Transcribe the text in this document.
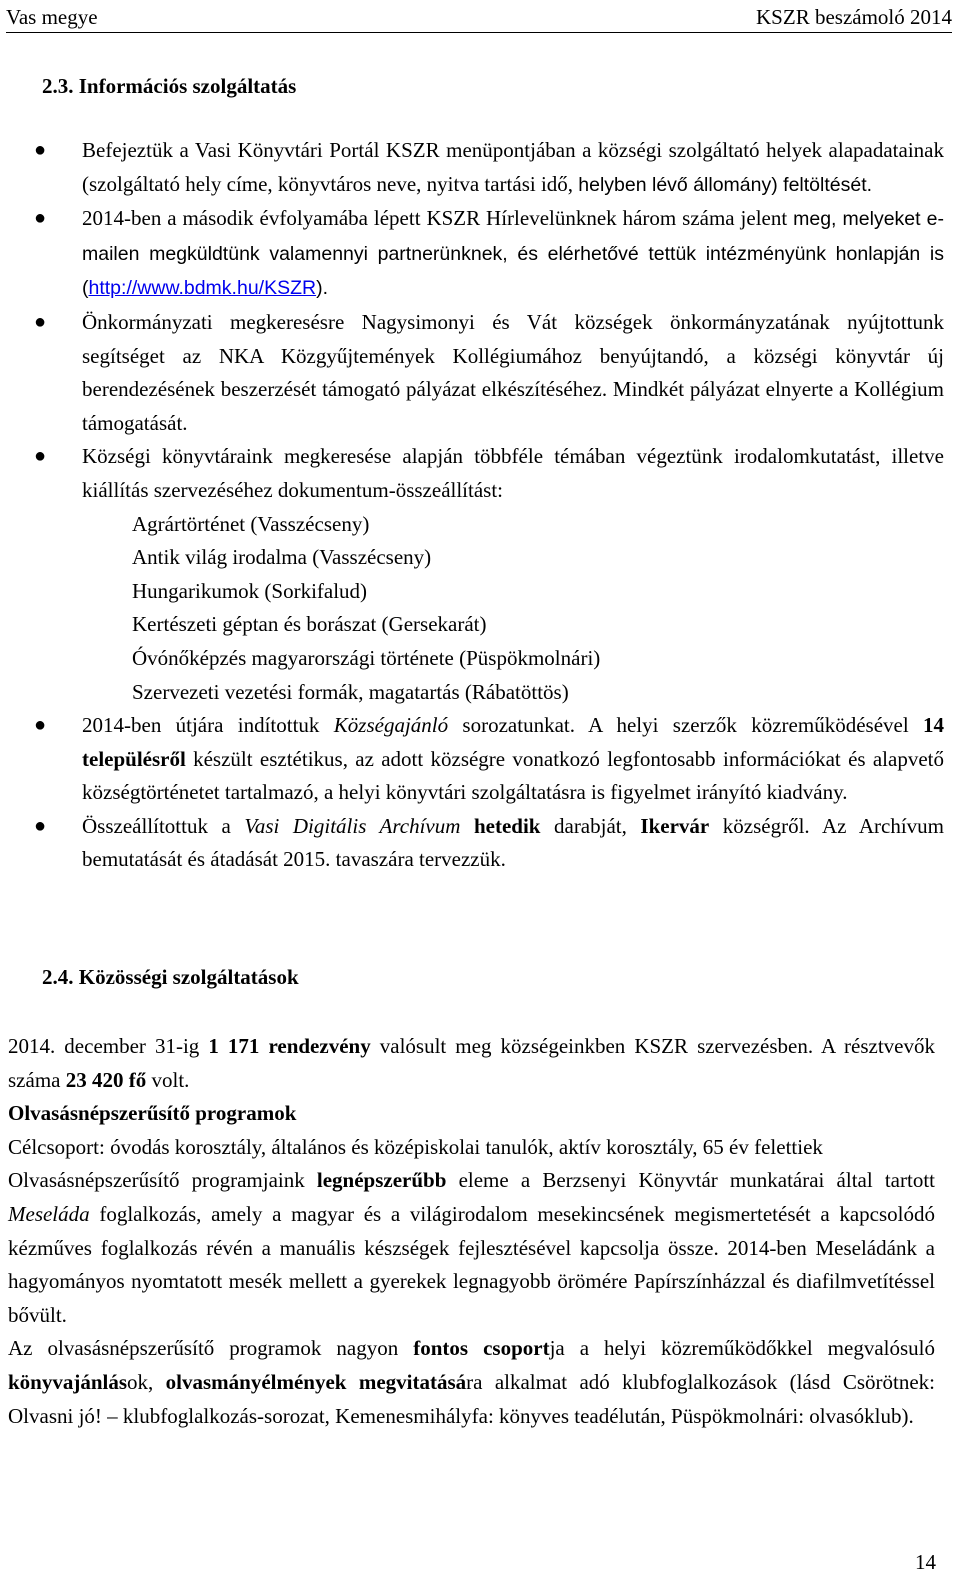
Vas megye	KSZR beszámoló 2014
2.3. Információs szolgáltatás
● Befejeztük a Vasi Könyvtári Portál KSZR menüpontjában a községi szolgáltató helyek alapadatainak (szolgáltató hely címe, könyvtáros neve, nyitva tartási idő, helyben lévő állomány) feltöltését.

● 2014-ben a második évfolyamába lépett KSZR Hírlevelünknek három száma jelent meg, melyeket e-mailen megküldtünk valamennyi partnerünknek, és elérhetővé tettük intézményünk honlapján is (http://www.bdmk.hu/KSZR).

● Önkormányzati megkeresésre Nagysimonyi és Vát községek önkormányzatának nyújtottunk segítséget az NKA Közgyűjtemények Kollégiumához benyújtandó, a községi könyvtár új berendezésének beszerzését támogató pályázat elkészítéséhez. Mindkét pályázat elnyerte a Kollégium támogatását.

● Községi könyvtáraink megkeresése alapján többféle témában végeztünk irodalomkutatást, illetve kiállítás szervezéséhez dokumentum-összeállítást:

Agrártörténet (Vasszécseny)

Antik világ irodalma (Vasszécseny)

Hungarikumok (Sorkifalud)

Kertészeti géptan és borászat (Gersekarát)

Óvónőképzés magyarországi története (Püspökmolnári)

Szervezeti vezetési formák, magatartás (Rábatöttös)

● 2014-ben útjára indítottuk Községajánló sorozatunkat. A helyi szerzők közreműködésével 14 településről készült esztétikus, az adott községre vonatkozó legfontosabb információkat és alapvető községtörténetet tartalmazó, a helyi könyvtári szolgáltatásra is figyelmet irányító kiadvány.

● Összeállítottuk a Vasi Digitális Archívum hetedik darabját, Ikervár községről. Az Archívum bemutatását és átadását 2015. tavaszára tervezzük.

2.4. Közösségi szolgáltatások

2014. december 31-ig 1 171 rendezvény valósult meg községeinkben KSZR szervezésben. A résztvevők száma 23 420 fő volt.

Olvasásnépszerűsítő programok

Célcsoport: óvodás korosztály, általános és középiskolai tanulók, aktív korosztály, 65 év felettiek

Olvasásnépszerűsítő programjaink legnépszerűbb eleme a Berzsenyi Könyvtár munkatárai által tartott Meseláda foglalkozás, amely a magyar és a világirodalom mesekincsének megismertetését a kapcsolódó kézműves foglalkozás révén a manuális készségek fejlesztésével kapcsolja össze. 2014-ben Meseládánk a hagyományos nyomtatott mesék mellett a gyerekek legnagyobb örömére Papírszínházzal és diafilmvetítéssel bővült.

Az olvasásnépszerűsítő programok nagyon fontos csoportja a helyi közreműködőkkel megvalósuló könyvajánlások, olvasmányélmények megvitatására alkalmat adó klubfoglalkozások (lásd Csörötnek: Olvasni jó! – klubfoglalkozás-sorozat, Kemenesmihályfa: könyves teadélután, Püspökmolnári: olvasóklub).

14
